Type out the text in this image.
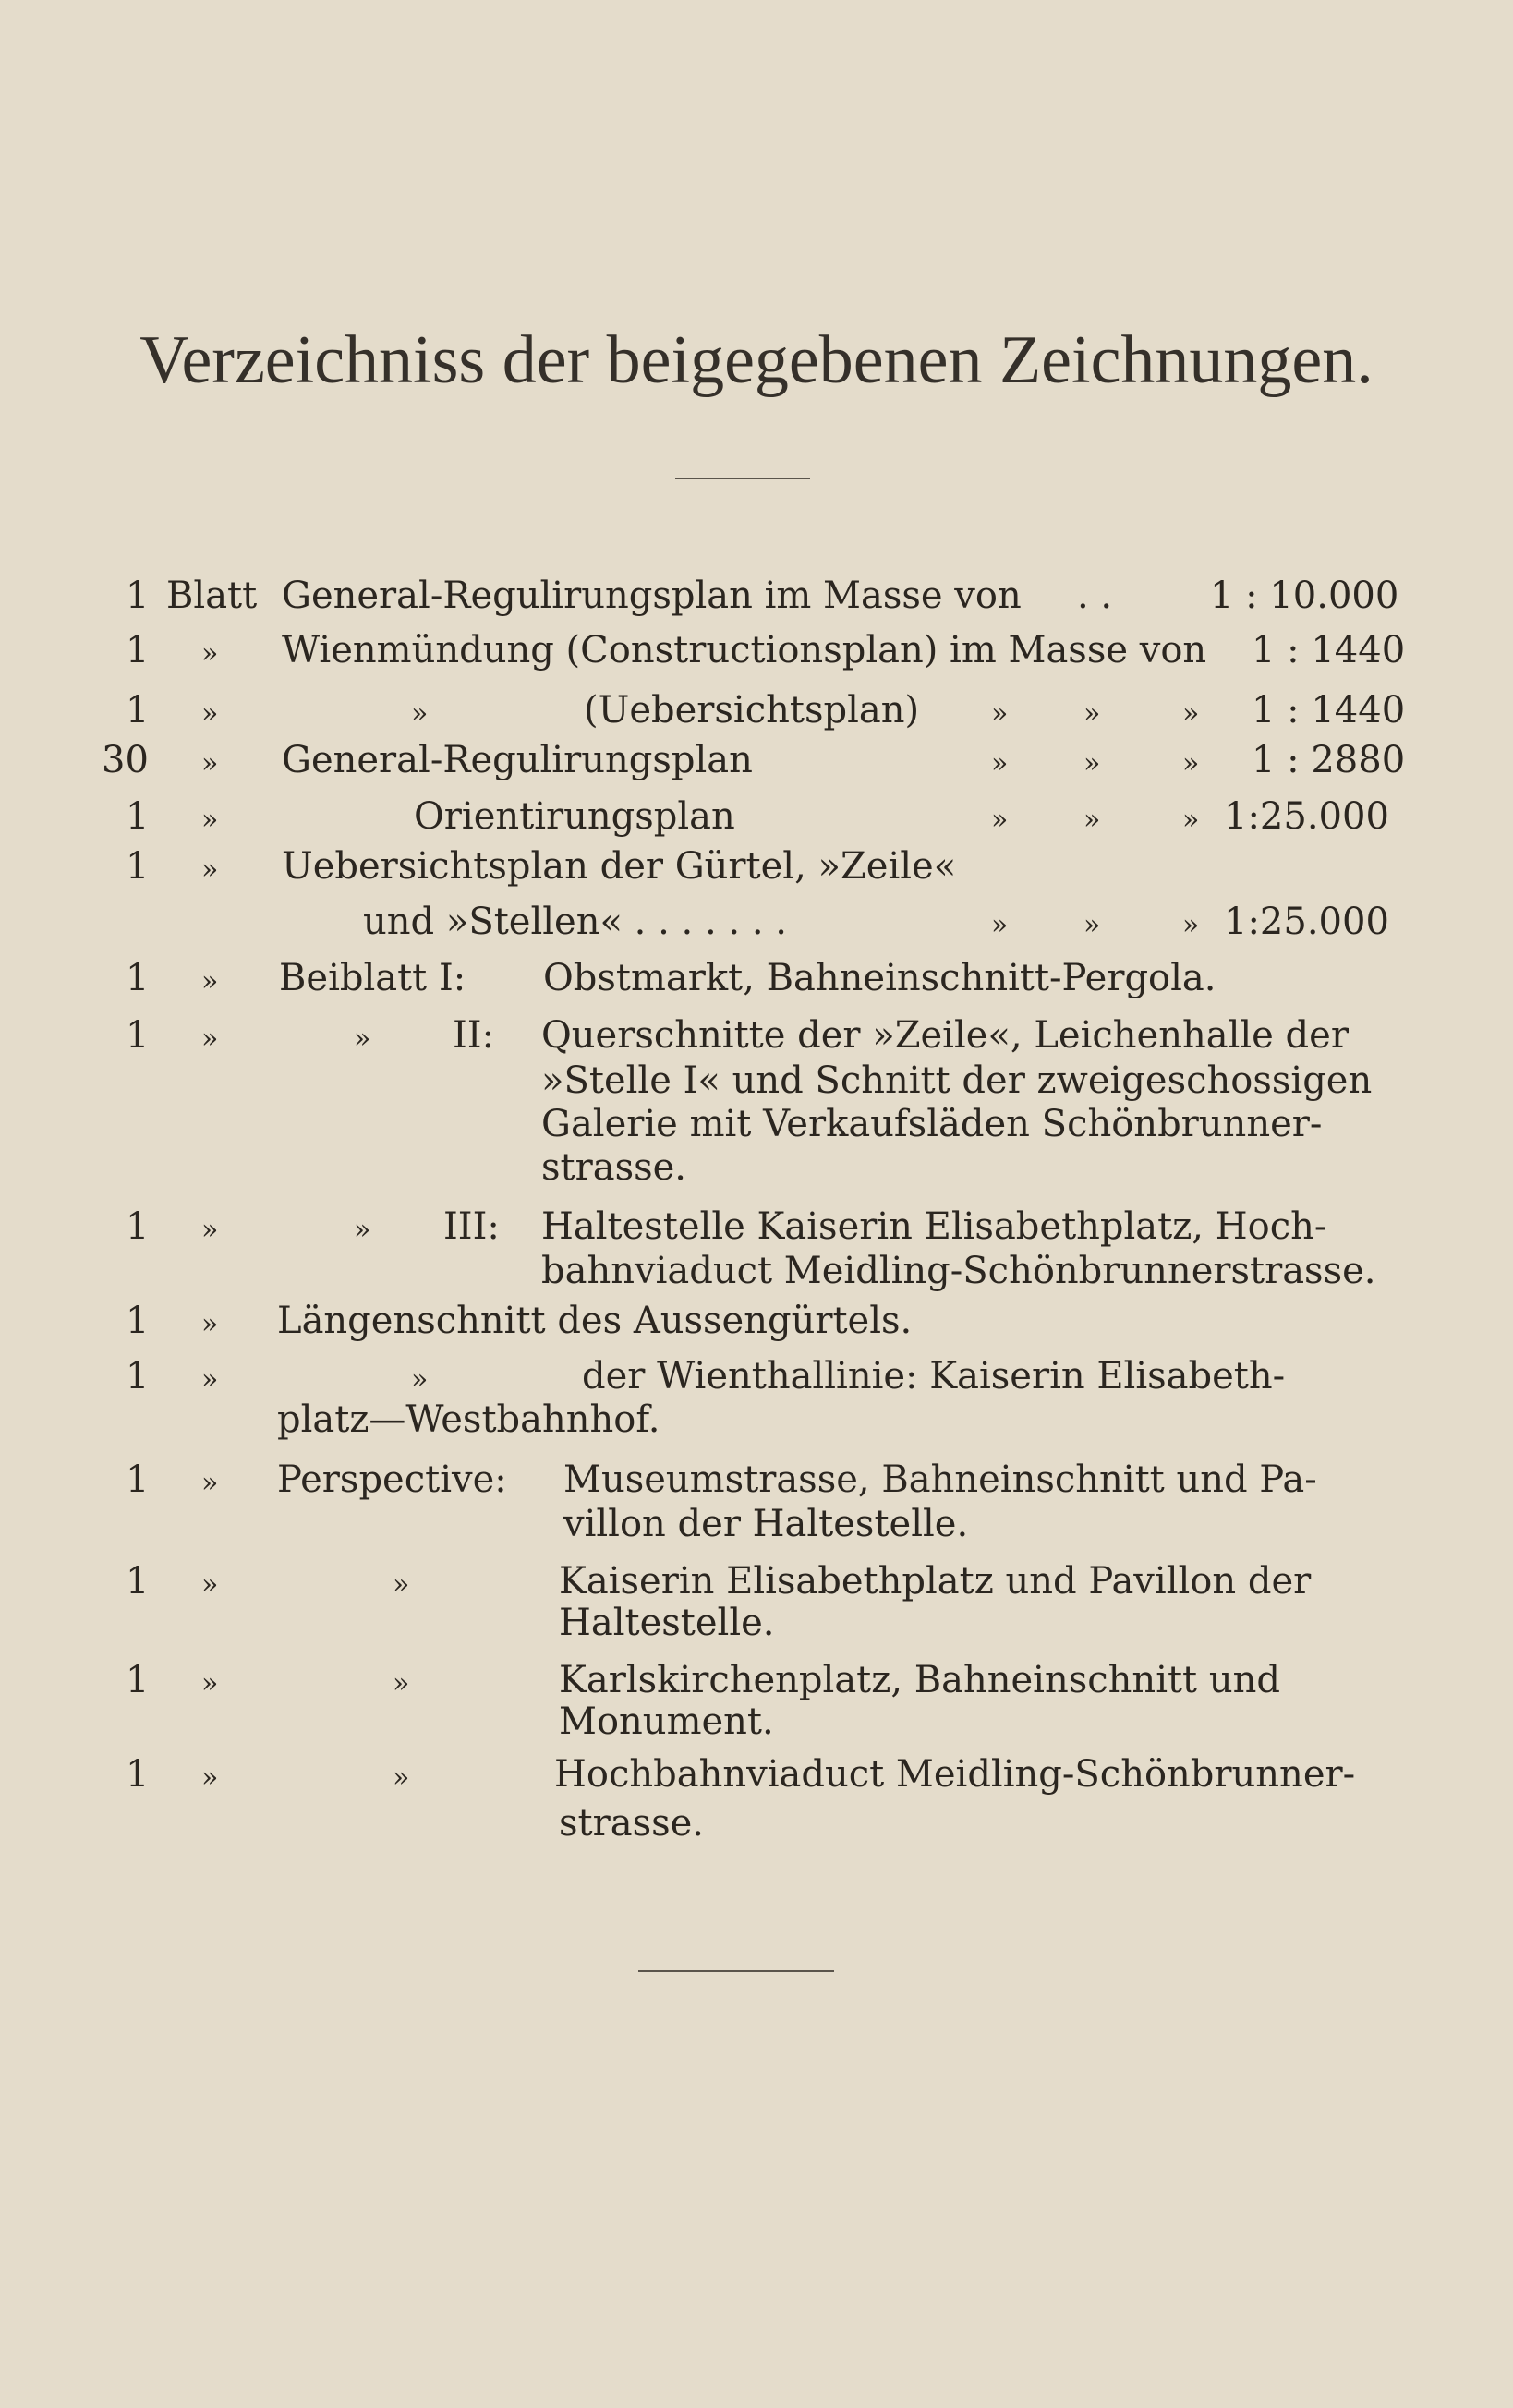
Verzeichniss der beigegebenen Zeichnungen.
1 Blatt General-Regulirungsplan im Masse von . .	1 : 10.000
1 » Wienmündung (Constructionsplan) im Masse von 1 : 1440
1 »	»	(Uebersichtsplan)	»	»	» 1 : 1440
30 » General-Regulirungsplan	»	»	» 1 : 2880
1 »	Orientirungsplan	»	»	» 1:25.000
1 » Uebersichtsplan der Gürtel, »Zeile«
und »Stellen« . . . . . . .	»	»	» 1:25.000
1 » Beiblatt I: Obstmarkt, Bahneinschnitt-Pergola.
1 »	» II: Querschnitte der »Zeile«, Leichenhalle der
»Stelle I« und Schnitt der zweigeschossigen
Galerie mit Verkaufsläden Schönbrunner-
strasse.
1 »	» III: Haltestelle Kaiserin Elisabethplatz, Hoch-
bahnviaduct Meidling-Schönbrunnerstrasse.
1 » Längenschnitt des Aussengürtels.
1 »	»	der Wienthallinie: Kaiserin Elisabeth-
platz—Westbahnhof.
1 » Perspective: Museumstrasse, Bahneinschnitt und Pa-
villon der Haltestelle.
1 »	»	Kaiserin Elisabethplatz und Pavillon der
Haltestelle.
1 »	»	Karlskirchenplatz, Bahneinschnitt und
Monument.
1 »	»	Hochbahnviaduct Meidling-Schönbrunner-
strasse.
